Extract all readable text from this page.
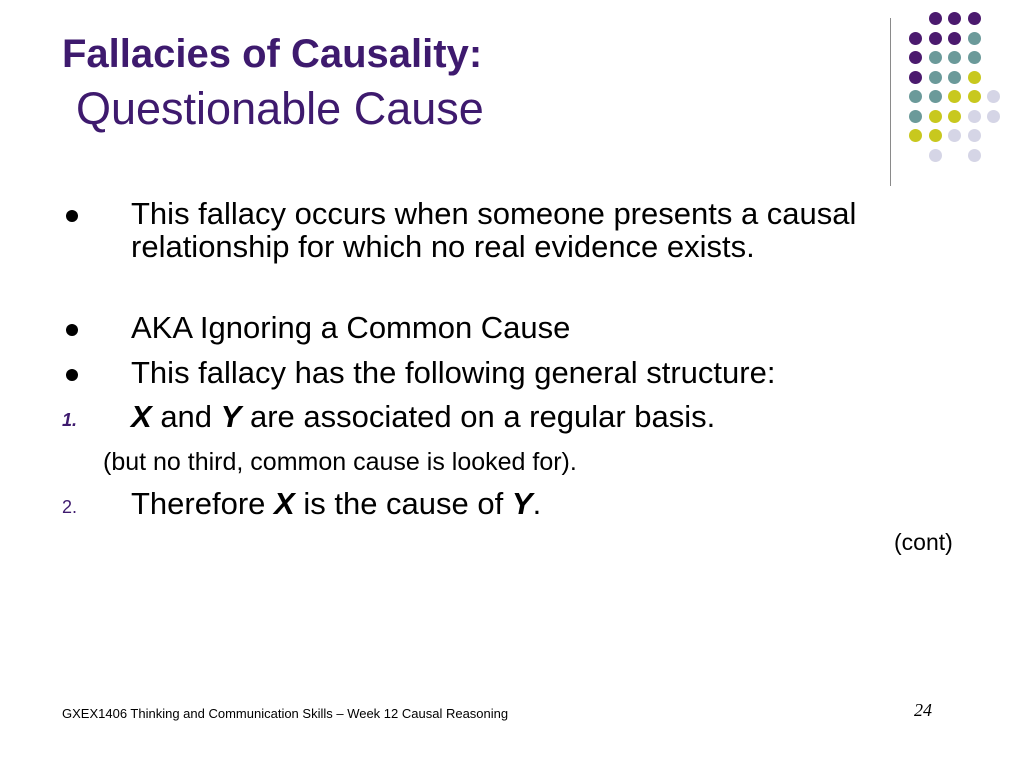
Fallacies of Causality:
Questionable Cause
This fallacy occurs when someone presents a causal relationship for which no real evidence exists.
AKA Ignoring a Common Cause
This fallacy has the following general structure:
1. X and Y are associated on a regular basis.
(but no third, common cause is looked for).
2. Therefore X is the cause of Y.
(cont)
GXEX1406 Thinking and Communication Skills – Week 12 Causal Reasoning	24
